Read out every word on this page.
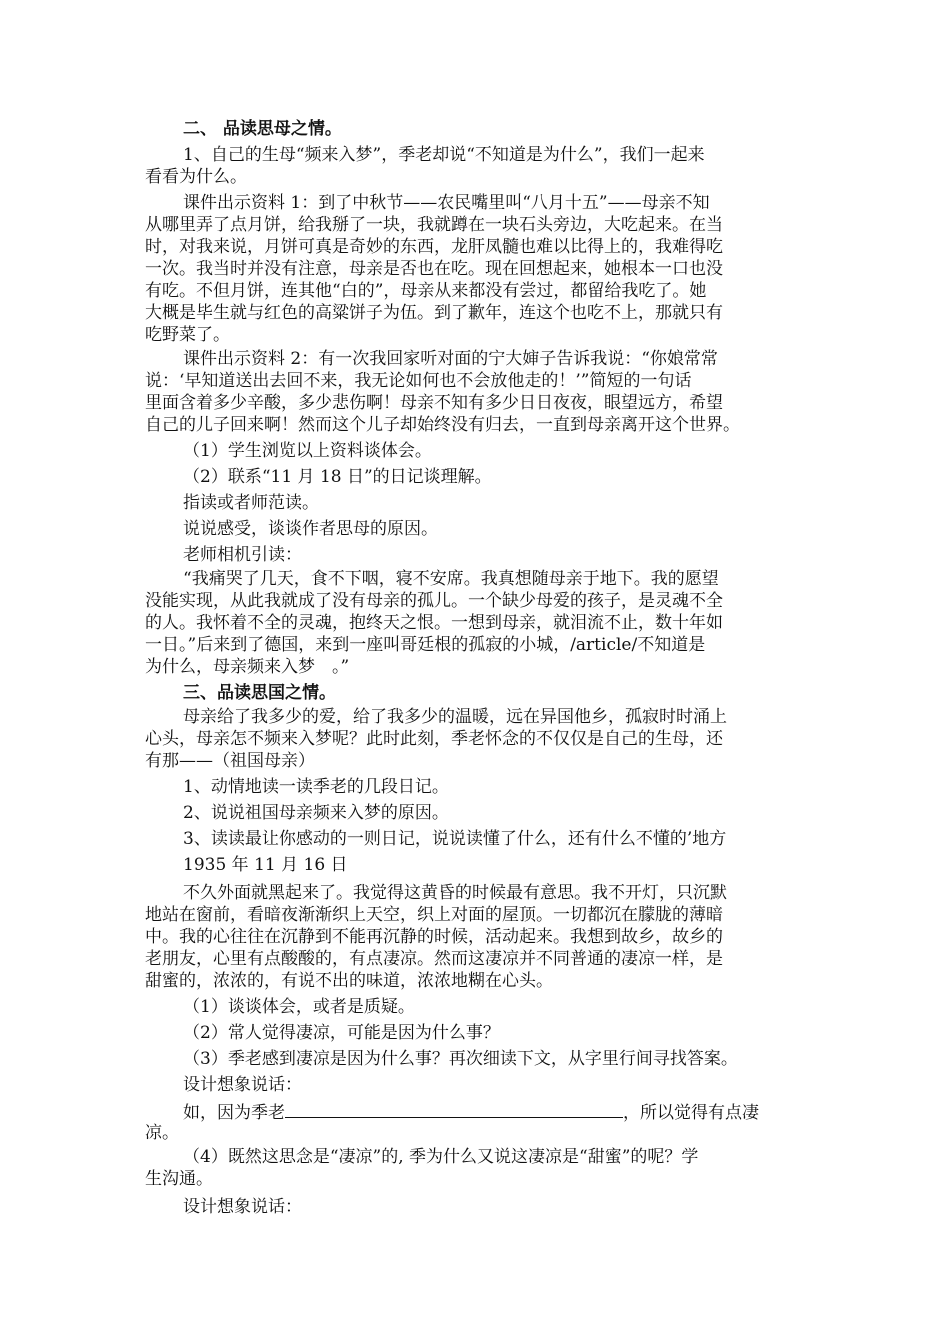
二、 品读思母之情。
1、自己的生母“频来入梦”，季老却说“不知道是为什么”，我们一起来
看看为什么。
课件出示资料 1：到了中秋节——农民嘴里叫“八月十五”——母亲不知
从哪里弄了点月饼，给我掰了一块，我就蹲在一块石头旁边，大吃起来。在当
时，对我来说，月饼可真是奇妙的东西，龙肝凤髓也难以比得上的，我难得吃
一次。我当时并没有注意，母亲是否也在吃。现在回想起来，她根本一口也没
有吃。不但月饼，连其他“白的”，母亲从来都没有尝过，都留给我吃了。她
大概是毕生就与红色的高粱饼子为伍。到了歉年，连这个也吃不上，那就只有
吃野菜了。
课件出示资料 2：有一次我回家听对面的宁大婶子告诉我说：“你娘常常
说：‘早知道送出去回不来，我无论如何也不会放他走的！’”简短的一句话
里面含着多少辛酸，多少悲伤啊！母亲不知有多少日日夜夜，眼望远方，希望
自己的儿子回来啊！然而这个儿子却始终没有归去，一直到母亲离开这个世界。
（1）学生浏览以上资料谈体会。
（2）联系“11 月 18 日”的日记谈理解。
指读或者师范读。
说说感受，谈谈作者思母的原因。
老师相机引读：
“我痛哭了几天，食不下咽，寝不安席。我真想随母亲于地下。我的愿望
没能实现，从此我就成了没有母亲的孤儿。一个缺少母爱的孩子，是灵魂不全
的人。我怀着不全的灵魂，抱终天之恨。一想到母亲，就泪流不止，数十年如
一日。”后来到了德国，来到一座叫哥廷根的孤寂的小城，/article/不知道是
为什么，母亲频来入梦　。”
三、品读思国之情。
母亲给了我多少的爱，给了我多少的温暖，远在异国他乡，孤寂时时涌上
心头，母亲怎不频来入梦呢？此时此刻，季老怀念的不仅仅是自己的生母，还
有那——（祖国母亲）
1、动情地读一读季老的几段日记。
2、说说祖国母亲频来入梦的原因。
3、读读最让你感动的一则日记，说说读懂了什么，还有什么不懂的’地方
1935 年 11 月 16 日
不久外面就黑起来了。我觉得这黄昏的时候最有意思。我不开灯，只沉默
地站在窗前，看暗夜渐渐织上天空，织上对面的屋顶。一切都沉在朦胧的薄暗
中。我的心往往在沉静到不能再沉静的时候，活动起来。我想到故乡，故乡的
老朋友，心里有点酸酸的，有点凄凉。然而这凄凉并不同普通的凄凉一样，是
甜蜜的，浓浓的，有说不出的味道，浓浓地糊在心头。
（1）谈谈体会，或者是质疑。
（2）常人觉得凄凉，可能是因为什么事？
（3）季老感到凄凉是因为什么事？再次细读下文，从字里行间寻找答案。
设计想象说话：
如，因为季老	，所以觉得有点凄
凉。
（4）既然这思念是“凄凉”的, 季为什么又说这凄凉是“甜蜜”的呢？学
生沟通。
设计想象说话：
